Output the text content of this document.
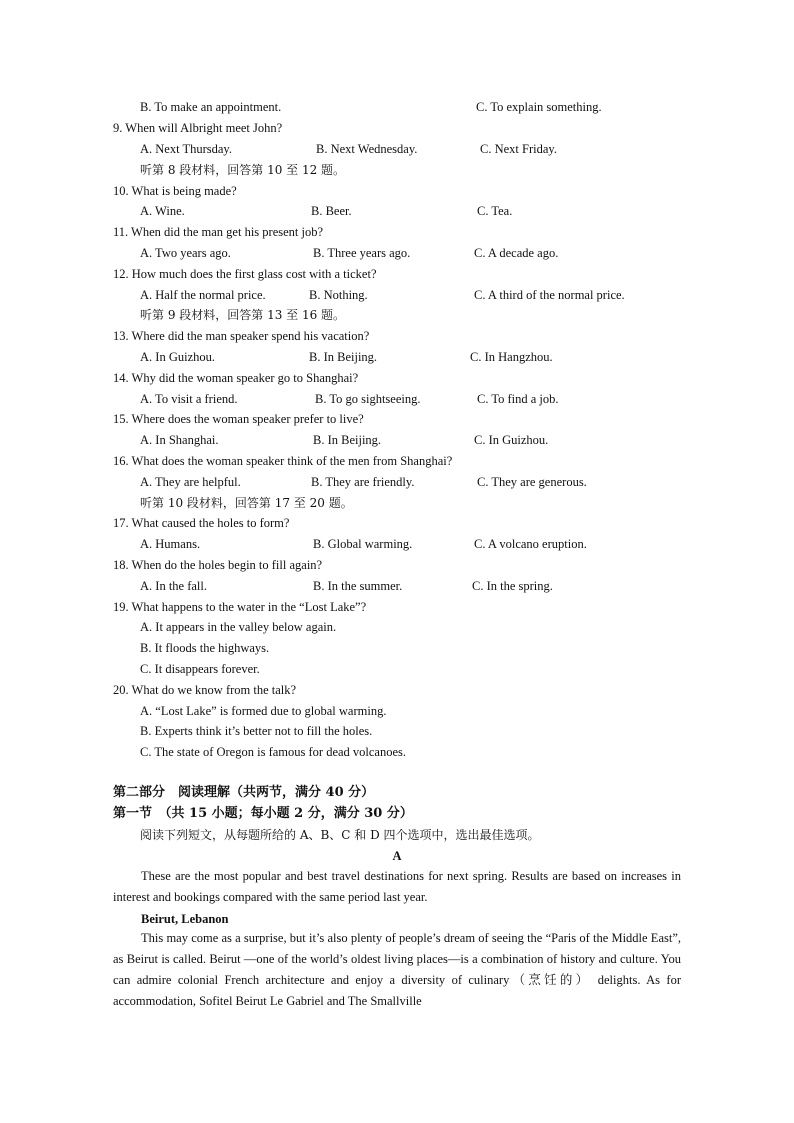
B. To make an appointment.	C. To explain something.
9. When will Albright meet John?
A. Next Thursday.	B. Next Wednesday.	C. Next Friday.
听第 8 段材料，回答第 10 至 12 题。
10. What is being made?
A. Wine.	B. Beer.	C. Tea.
11. When did the man get his present job?
A. Two years ago.	B. Three years ago.	C. A decade ago.
12. How much does the first glass cost with a ticket?
A. Half the normal price.	B. Nothing.	C. A third of the normal price.
听第 9 段材料，回答第 13 至 16 题。
13. Where did the man speaker spend his vacation?
A. In Guizhou.	B. In Beijing.	C. In Hangzhou.
14. Why did the woman speaker go to Shanghai?
A. To visit a friend.	B. To go sightseeing.	C. To find a job.
15. Where does the woman speaker prefer to live?
A. In Shanghai.	B. In Beijing.	C. In Guizhou.
16. What does the woman speaker think of the men from Shanghai?
A. They are helpful.	B. They are friendly.	C. They are generous.
听第 10 段材料，回答第 17 至 20 题。
17. What caused the holes to form?
A. Humans.	B. Global warming.	C. A volcano eruption.
18. When do the holes begin to fill again?
A. In the fall.	B. In the summer.	C. In the spring.
19. What happens to the water in the “Lost Lake”?
A. It appears in the valley below again.
B. It floods the highways.
C. It disappears forever.
20. What do we know from the talk?
A. “Lost Lake” is formed due to global warming.
B. Experts think it’s better not to fill the holes.
C. The state of Oregon is famous for dead volcanoes.
第二部分　阅读理解（共两节，满分 40 分）
第一节　（共 15 小题；每小题 2 分，满分 30 分）
阅读下列短文，从每题所给的 A、B、C 和 D 四个选项中，选出最佳选项。
A
These are the most popular and best travel destinations for next spring. Results are based on increases in interest and bookings compared with the same period last year.
Beirut, Lebanon
This may come as a surprise, but it’s also plenty of people’s dream of seeing the “Paris of the Middle East”, as Beirut is called. Beirut —one of the world’s oldest living places—is a combination of history and culture. You can admire colonial French architecture and enjoy a diversity of culinary（烹饪的） delights. As for accommodation, Sofitel Beirut Le Gabriel and The Smallville
